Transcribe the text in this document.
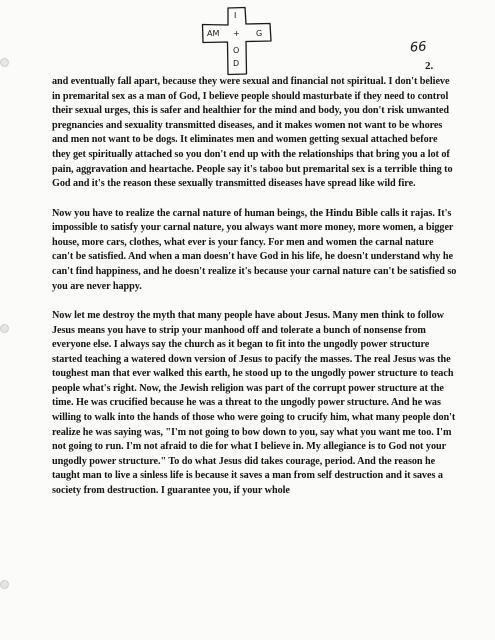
I
AM	G
+
O
D
66
2.

and eventually fall apart, because they were sexual and financial not spiritual. I don't believe in premarital sex as a man of God, I believe people should masturbate if they need to control their sexual urges, this is safer and healthier for the mind and body, you don't risk unwanted pregnancies and sexuality transmitted diseases, and it makes women not want to be whores and men not want to be dogs. It eliminates men and women getting sexual attached before they get spiritually attached so you don't end up with the relationships that bring you a lot of pain, aggravation and heartache. People say it's taboo but premarital sex is a terrible thing to God and it's the reason these sexually transmitted diseases have spread like wild fire.

Now you have to realize the carnal nature of human beings, the Hindu Bible calls it rajas. It's impossible to satisfy your carnal nature, you always want more money, more women, a bigger house, more cars, clothes, what ever is your fancy. For men and women the carnal nature can't be satisfied. And when a man doesn't have God in his life, he doesn't understand why he can't find happiness, and he doesn't realize it's because your carnal nature can't be satisfied so you are never happy.

Now let me destroy the myth that many people have about Jesus. Many men think to follow Jesus means you have to strip your manhood off and tolerate a bunch of nonsense from everyone else. I always say the church as it began to fit into the ungodly power structure started teaching a watered down version of Jesus to pacify the masses. The real Jesus was the toughest man that ever walked this earth, he stood up to the ungodly power structure to teach people what's right. Now, the Jewish religion was part of the corrupt power structure at the time. He was crucified because he was a threat to the ungodly power structure. And he was willing to walk into the hands of those who were going to crucify him, what many people don't realize he was saying was, "I'm not going to bow down to you, say what you want me too. I'm not going to run. I'm not afraid to die for what I believe in. My allegiance is to God not your ungodly power structure." To do what Jesus did takes courage, period. And the reason he taught man to live a sinless life is because it saves a man from self destruction and it saves a society from destruction. I guarantee you, if your whole
